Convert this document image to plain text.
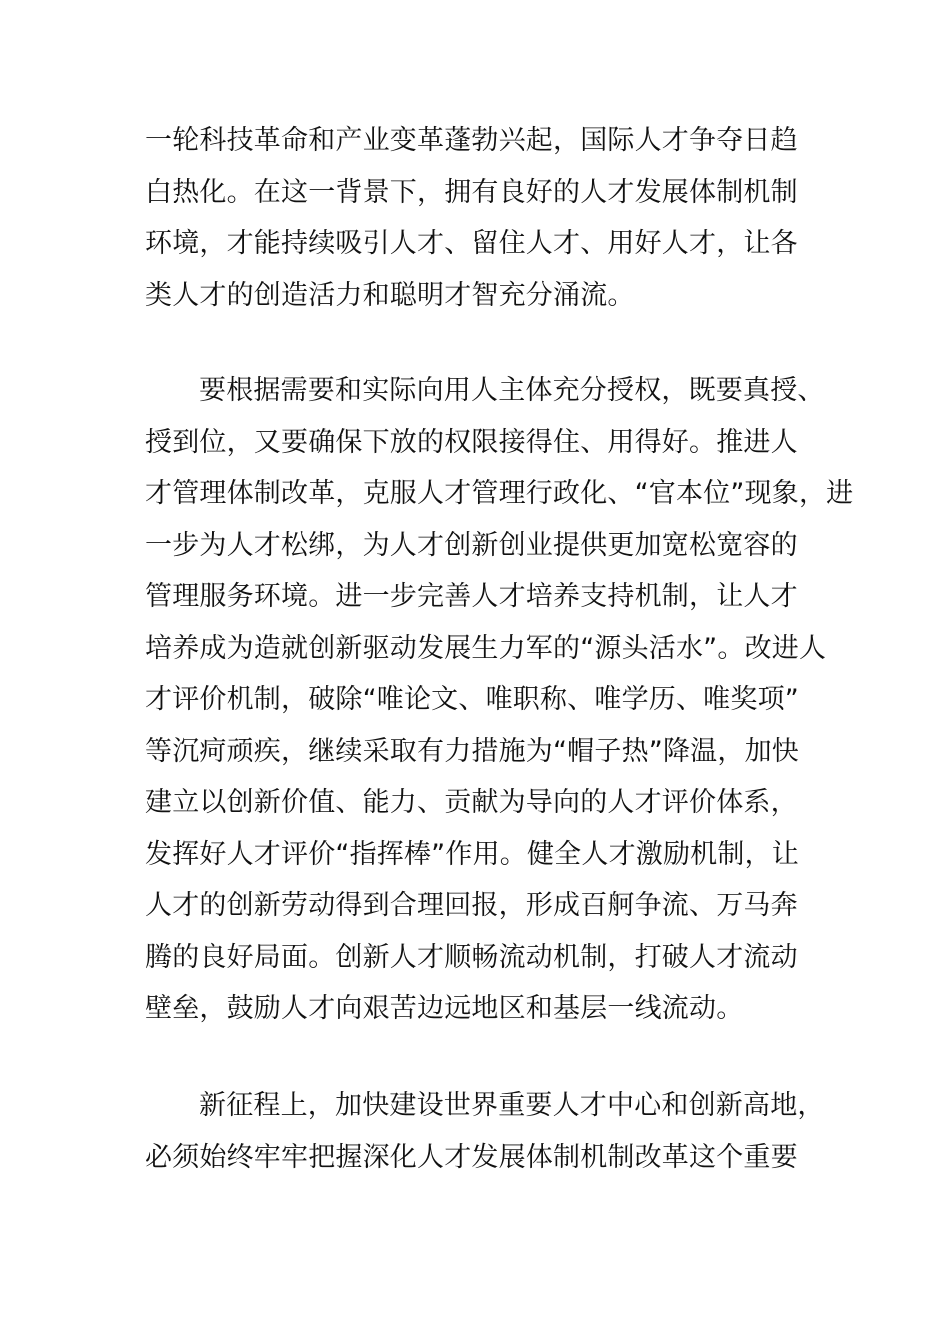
一轮科技革命和产业变革蓬勃兴起，国际人才争夺日趋
白热化。在这一背景下，拥有良好的人才发展体制机制
环境，才能持续吸引人才、留住人才、用好人才，让各
类人才的创造活力和聪明才智充分涌流。
要根据需要和实际向用人主体充分授权，既要真授、
授到位，又要确保下放的权限接得住、用得好。推进人
才管理体制改革，克服人才管理行政化、“官本位”现象，进
一步为人才松绑，为人才创新创业提供更加宽松宽容的
管理服务环境。进一步完善人才培养支持机制，让人才
培养成为造就创新驱动发展生力军的“源头活水”。改进人
才评价机制，破除“唯论文、唯职称、唯学历、唯奖项”
等沉疴顽疾，继续采取有力措施为“帽子热”降温，加快
建立以创新价值、能力、贡献为导向的人才评价体系，
发挥好人才评价“指挥棒”作用。健全人才激励机制，让
人才的创新劳动得到合理回报，形成百舸争流、万马奔
腾的良好局面。创新人才顺畅流动机制，打破人才流动
壁垒，鼓励人才向艰苦边远地区和基层一线流动。
新征程上，加快建设世界重要人才中心和创新高地，
必须始终牢牢把握深化人才发展体制机制改革这个重要
